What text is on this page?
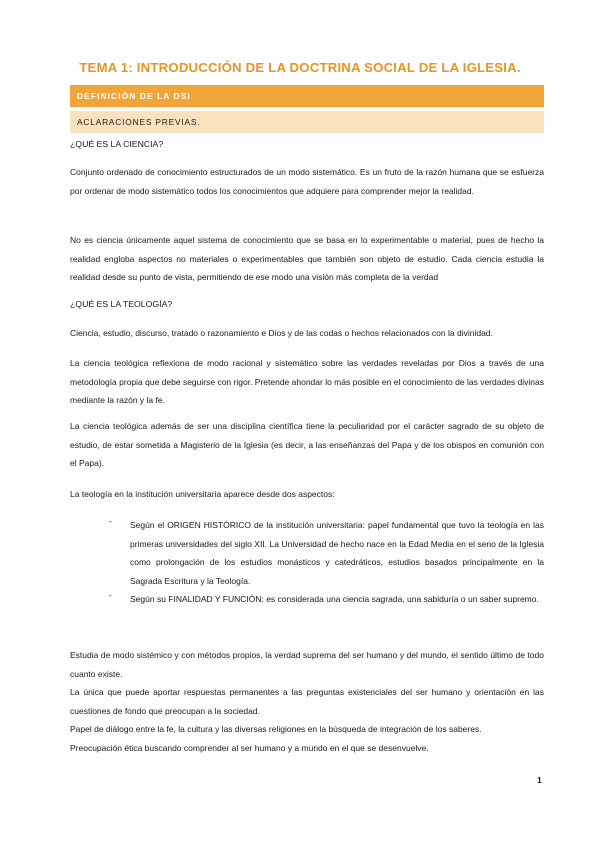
TEMA 1: INTRODUCCIÓN DE LA DOCTRINA SOCIAL DE LA IGLESIA.
DEFINICIÓN DE LA DSI
ACLARACIONES PREVIAS.
¿QUÉ ES LA CIENCIA?

Conjunto ordenado de conocimiento estructurados de un modo sistemático. Es un fruto de la razón humana que se esfuerza por ordenar de modo sistemático todos los conocimientos que adquiere para comprender mejor la realidad.

No es ciencia únicamente aquel sistema de conocimiento que se basa en lo experimentable o material, pues de hecho la realidad engloba aspectos no materiales o experimentables que también son objeto de estudio. Cada ciencia estudia la realidad desde su punto de vista, permitiendo de ese modo una visión más completa de la verdad

¿QUÉ ES LA TEOLOGÍA?

Ciencia, estudio, discurso, tratado o razonamiento e Dios y de las codas o hechos relacionados con la divinidad.

La ciencia teológica reflexiona de modo racional y sistemático sobre las verdades reveladas por Dios a través de una metodología propia que debe seguirse con rigor. Pretende ahondar lo más posible en el conocimiento de las verdades divinas mediante la razón y la fe.

La ciencia teológica además de ser una disciplina científica tiene la peculiaridad por el carácter sagrado de su objeto de estudio, de estar sometida a Magisterio de la Iglesia (es decir, a las enseñanzas del Papa y de los obispos en comunión con el Papa).

La teología en la institución universitaria aparece desde dos aspectos:

- Según el ORIGEN HISTÓRICO de la institución universitaria: papel fundamental que tuvo la teología en las primeras universidades del siglo XII. La Universidad de hecho nace en la Edad Media en el seno de la Iglesia como prolongación de los estudios monásticos y catedráticos, estudios basados principalmente en la Sagrada Escritura y la Teología.

- Según su FINALIDAD Y FUNCIÓN: es considerada una ciencia sagrada, una sabiduría o un saber supremo.

Estudia de modo sistémico y con métodos propios, la verdad suprema del ser humano y del mundo, el sentido último de todo cuanto existe.

La única que puede aportar respuestas permanentes a las preguntas existenciales del ser humano y orientación en las cuestiones de fondo que preocupan a la sociedad.

Papel de diálogo entre la fe, la cultura y las diversas religiones en la búsqueda de integración de los saberes.

Preocupación ética buscando comprender al ser humano y a mundo en el que se desenvuelve.

1
